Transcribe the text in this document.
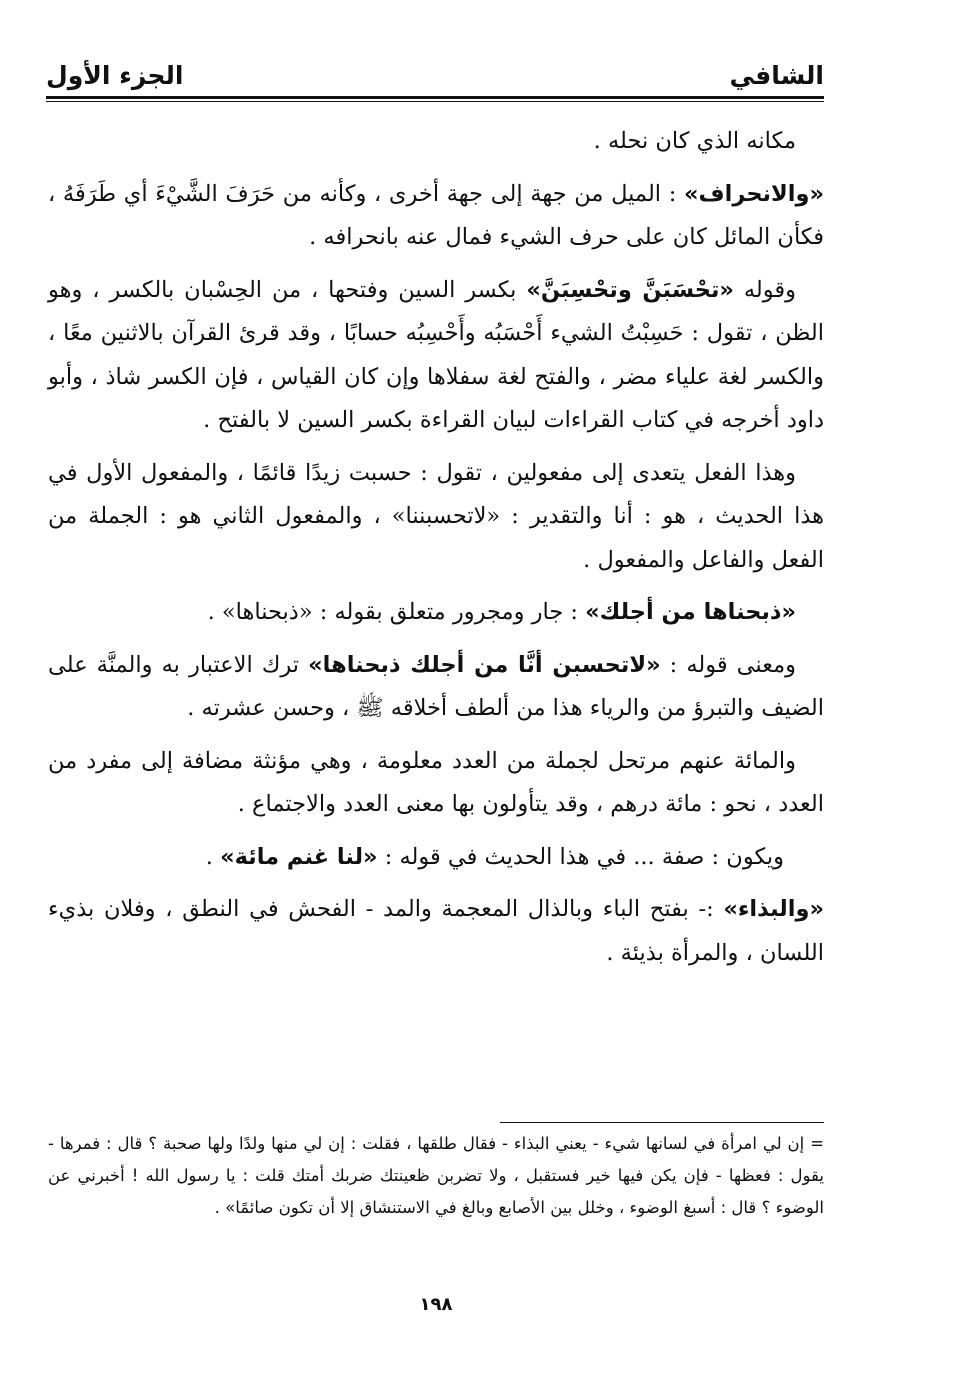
الشافي
الجزء الأول

مكانه الذي كان نحله .

«والانحراف» : الميل من جهة إلى جهة أخرى ، وكأنه من حَرَفَ الشَّيْءَ أي طَرَفَهُ ، فكأن المائل كان على حرف الشيء فمال عنه بانحرافه .

وقوله «تحْسَبَنَّ وتحْسِبَنَّ» بكسر السين وفتحها ، من الحِسْبان بالكسر ، وهو الظن ، تقول : حَسِبْتُ الشيء أَحْسَبُه وأَحْسِبُه حسابًا ، وقد قرئ القرآن بالاثنين معًا ، والكسر لغة علياء مضر ، والفتح لغة سفلاها وإن كان القياس ، فإن الكسر شاذ ، وأبو داود أخرجه في كتاب القراءات لبيان القراءة بكسر السين لا بالفتح .

وهذا الفعل يتعدى إلى مفعولين ، تقول : حسبت زيدًا قائمًا ، والمفعول الأول في هذا الحديث ، هو : أنا والتقدير : «لاتحسبننا» ، والمفعول الثاني هو : الجملة من الفعل والفاعل والمفعول .

«ذبحناها من أجلك» : جار ومجرور متعلق بقوله : «ذبحناها» .

ومعنى قوله : «لاتحسبن أنَّا من أجلك ذبحناها» ترك الاعتبار به والمنَّة على الضيف والتبرؤ من والرياء هذا من ألطف أخلاقه ﷺ ، وحسن عشرته .

والمائة عنهم مرتحل لجملة من العدد معلومة ، وهي مؤنثة مضافة إلى مفرد من العدد ، نحو : مائة درهم ، وقد يتأولون بها معنى العدد والاجتماع .

ويكون : صفة ... في هذا الحديث في قوله : «لنا غنم مائة» .

«والبذاء» :- بفتح الباء وبالذال المعجمة والمد - الفحش في النطق ، وفلان بذيء اللسان ، والمرأة بذيئة .

= إن لي امرأة في لسانها شيء - يعني البذاء - فقال طلقها ، فقلت : إن لي منها ولدًا ولها صحبة ؟ قال : فمرها - يقول : فعظها - فإن يكن فيها خير فستقبل ، ولا تضربن ظعينتك ضربك أمتك قلت : يا رسول الله ! أخبرني عن الوضوء ؟ قال : أسبغ الوضوء ، وخلل بين الأصابع وبالغ في الاستنشاق إلا أن تكون صائمًا» .

١٩٨
